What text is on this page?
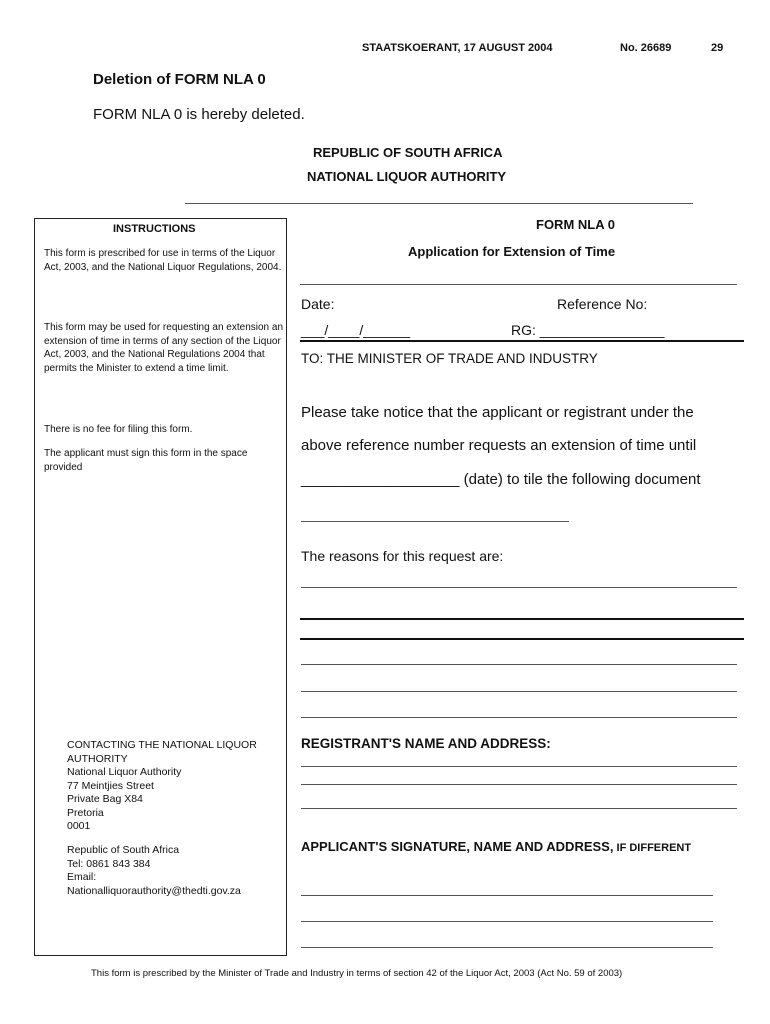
STAATSKOERANT, 17 AUGUST 2004	No. 26689	29
Deletion of FORM NLA 0
FORM NLA 0 is hereby deleted.
REPUBLIC OF SOUTH AFRICA
NATIONAL LIQUOR AUTHORITY
INSTRUCTIONS
This form is prescribed for use in terms of the Liquor Act, 2003, and the National Liquor Regulations, 2004.
This form may be used for requesting an extension an extension of time in terms of any section of the Liquor Act, 2003, and the National Regulations 2004 that permits the Minister to extend a time limit.
There is no fee for filing this form.
The applicant must sign this form in the space provided
CONTACTING THE NATIONAL LIQUOR AUTHORITY
National Liquor Authority
77 Meintjies Street
Private Bag X84
Pretoria
0001
Republic of South Africa
Tel: 0861 843 384
Email:
Nationalliquorauthority@thedti.gov.za
FORM NLA 0
Application for Extension of Time
Date:	Reference No:
___/____/______	RG: ________________
TO: THE MINISTER OF TRADE AND INDUSTRY
Please take notice that the applicant or registrant under the
above reference number requests an extension of time until
___________________ (date) to tile the following document
The reasons for this request are:
REGISTRANT'S NAME AND ADDRESS:
APPLICANT'S SIGNATURE, NAME AND ADDRESS, IF DIFFERENT
This form is prescribed by the Minister of Trade and Industry in terms of section 42 of the Liquor Act, 2003 (Act No. 59 of 2003)
